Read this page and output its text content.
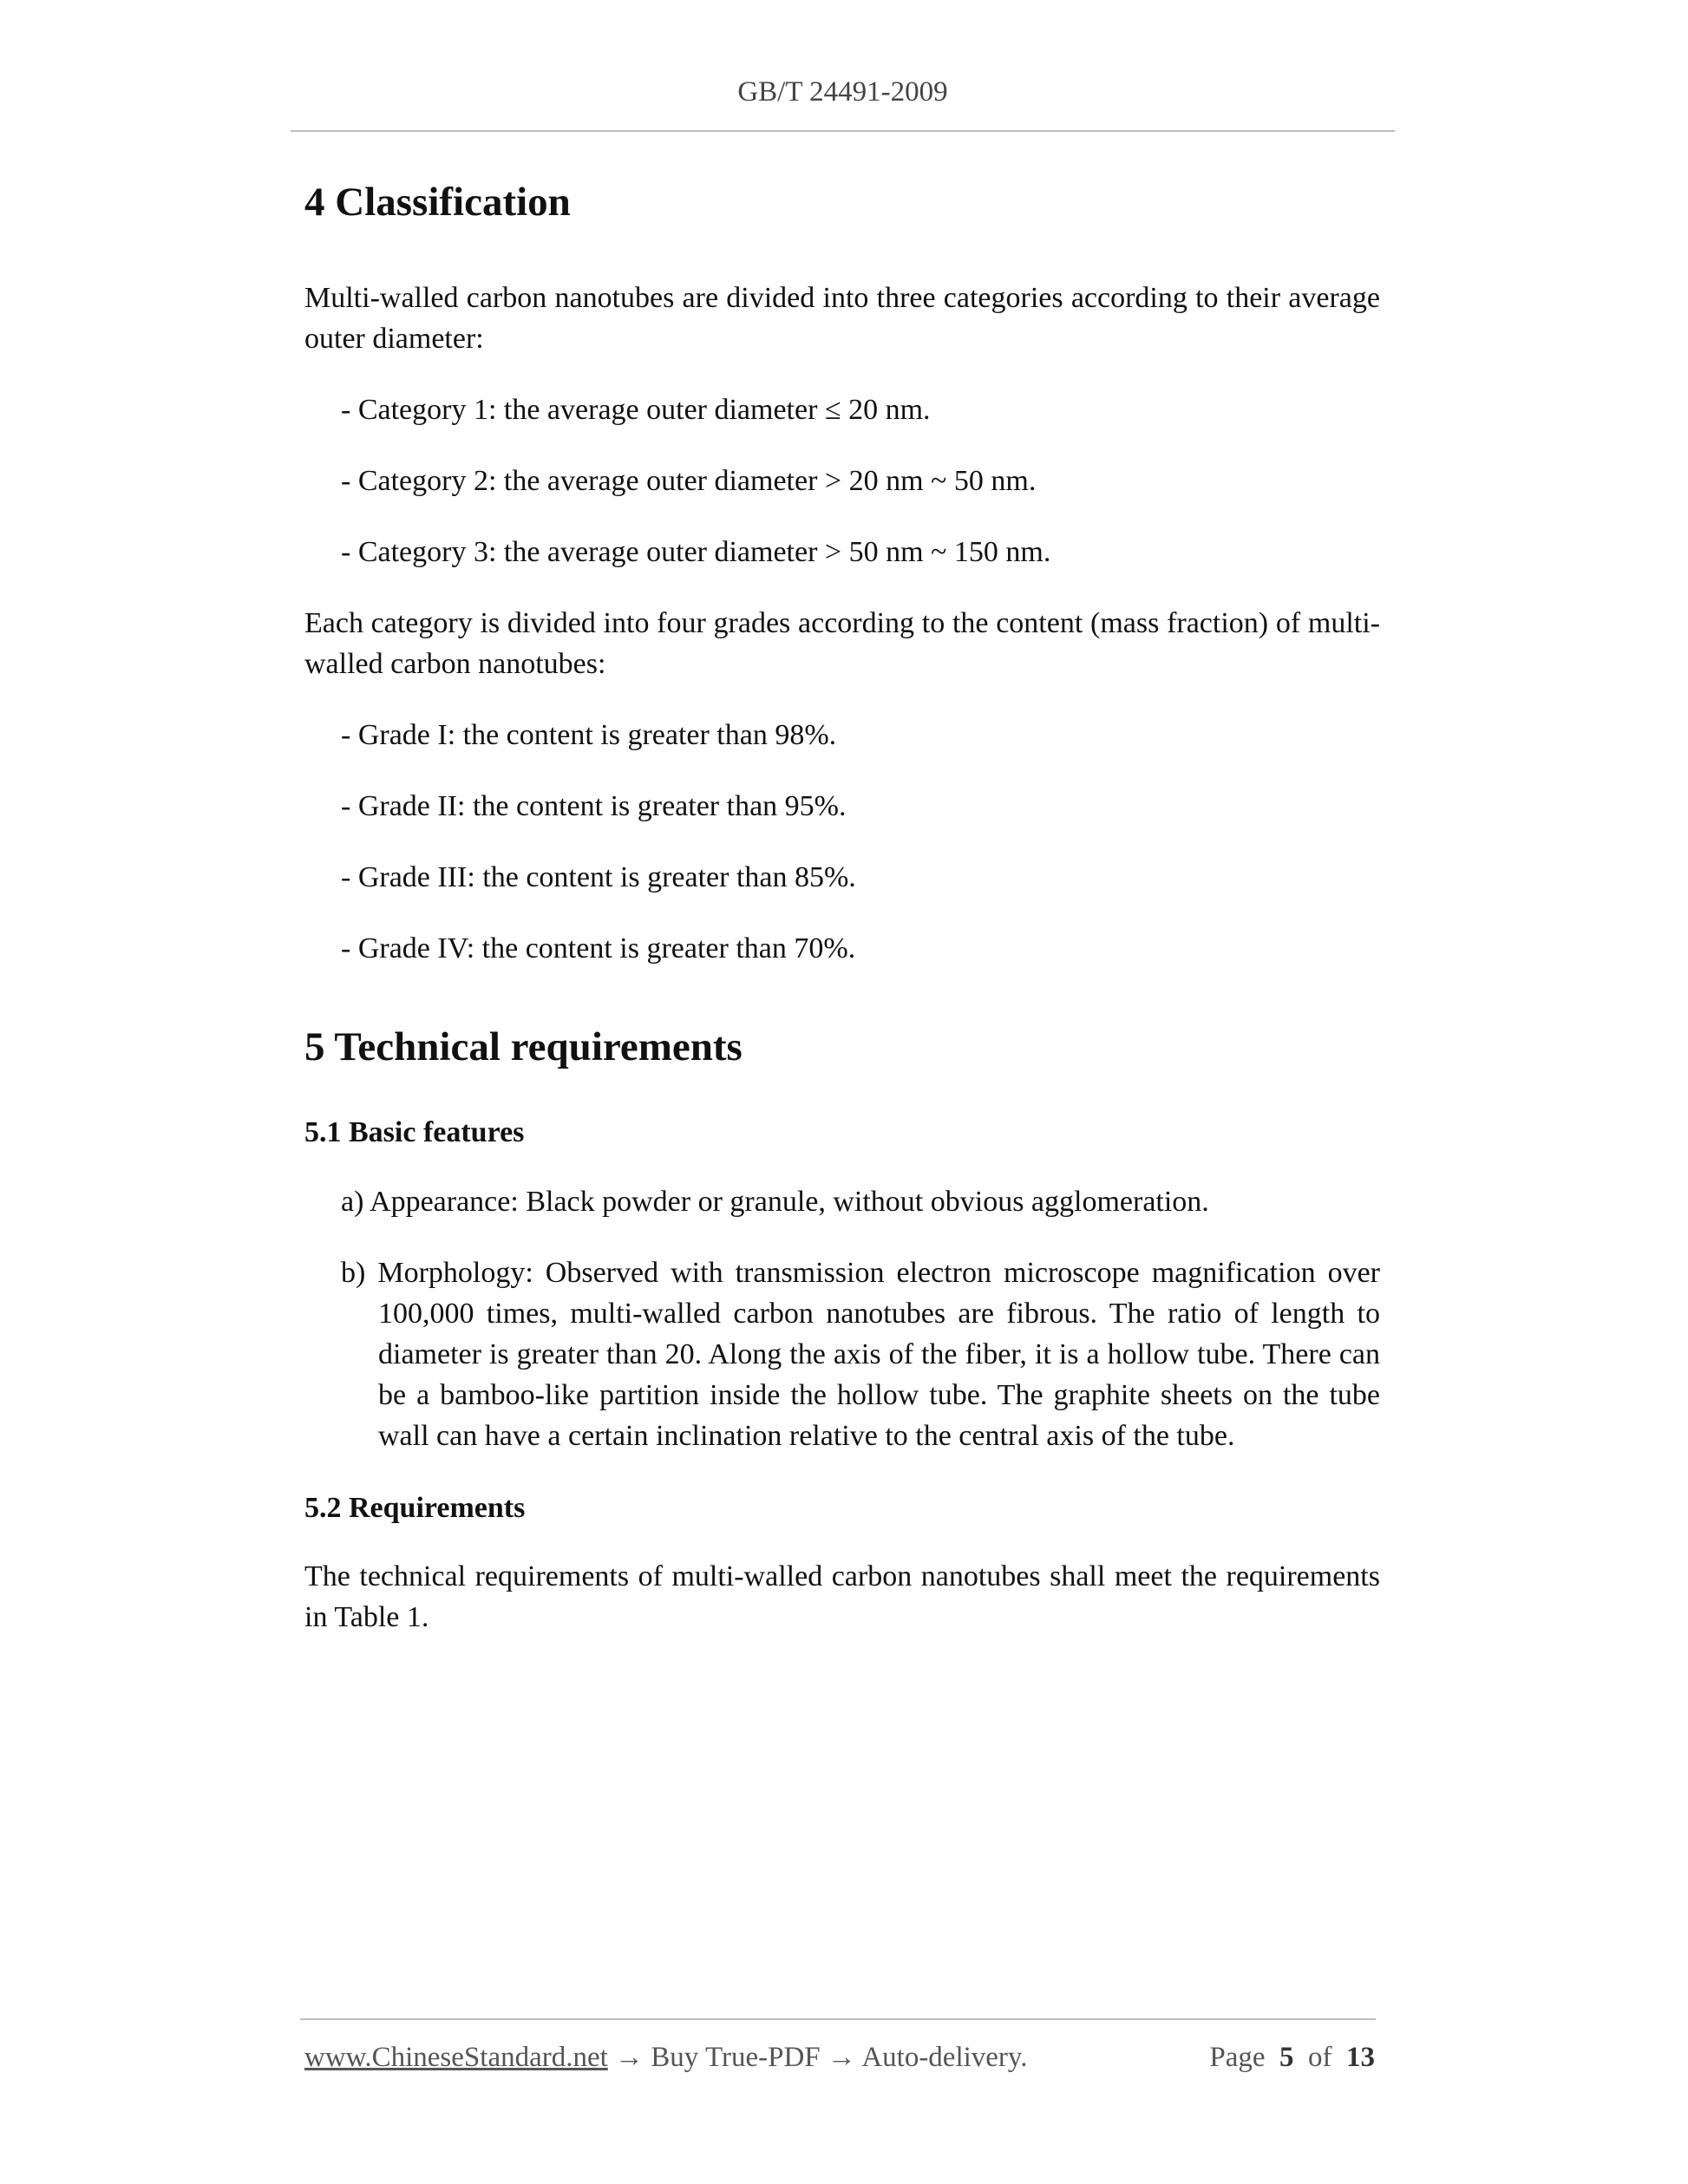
GB/T 24491-2009
4 Classification

Multi-walled carbon nanotubes are divided into three categories according to their average outer diameter:

- Category 1: the average outer diameter ≤ 20 nm.

- Category 2: the average outer diameter > 20 nm ~ 50 nm.

- Category 3: the average outer diameter > 50 nm ~ 150 nm.

Each category is divided into four grades according to the content (mass fraction) of multi-walled carbon nanotubes:

- Grade I: the content is greater than 98%.

- Grade II: the content is greater than 95%.

- Grade III: the content is greater than 85%.

- Grade IV: the content is greater than 70%.

5 Technical requirements
5.1 Basic features

a) Appearance: Black powder or granule, without obvious agglomeration.

b) Morphology: Observed with transmission electron microscope magnification over 100,000 times, multi-walled carbon nanotubes are fibrous. The ratio of length to diameter is greater than 20. Along the axis of the fiber, it is a hollow tube. There can be a bamboo-like partition inside the hollow tube. The graphite sheets on the tube wall can have a certain inclination relative to the central axis of the tube.

5.2 Requirements

The technical requirements of multi-walled carbon nanotubes shall meet the requirements in Table 1.

www.ChineseStandard.net → Buy True-PDF → Auto-delivery.	Page 5 of 13
